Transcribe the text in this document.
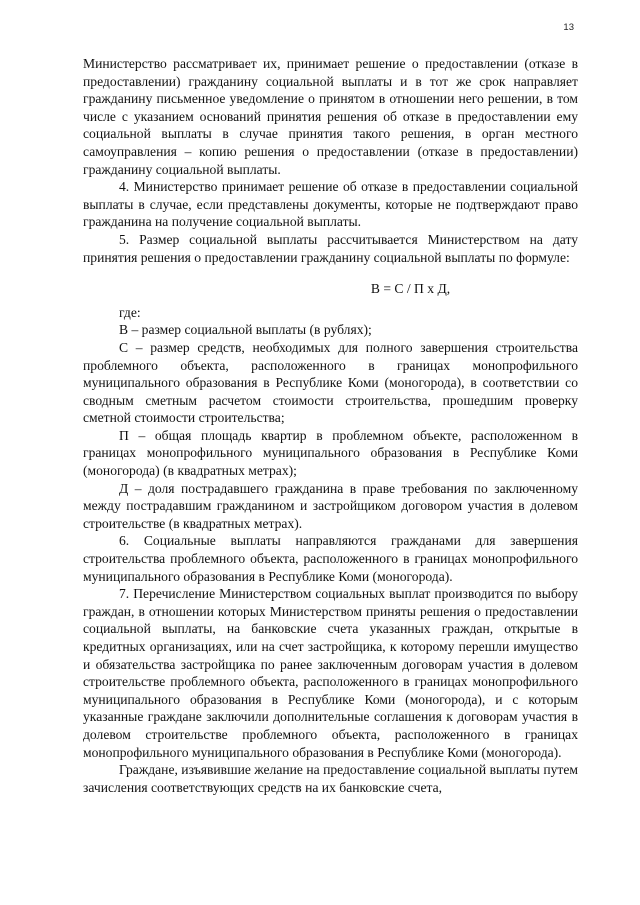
13

Министерство рассматривает их, принимает решение о предоставлении (отказе в предоставлении) гражданину социальной выплаты и в тот же срок направляет гражданину письменное уведомление о принятом в отношении него решении, в том числе с указанием оснований принятия решения об отказе в предоставлении ему социальной выплаты в случае принятия такого решения, в орган местного самоуправления – копию решения о предоставлении (отказе в предоставлении) гражданину социальной выплаты.

4. Министерство принимает решение об отказе в предоставлении социальной выплаты в случае, если представлены документы, которые не подтверждают право гражданина на получение социальной выплаты.

5. Размер социальной выплаты рассчитывается Министерством на дату принятия решения о предоставлении гражданину социальной выплаты по формуле:

В = С / П х Д,

где:

В – размер социальной выплаты (в рублях);

С – размер средств, необходимых для полного завершения строительства проблемного объекта, расположенного в границах монопрофильного муниципального образования в Республике Коми (моногорода), в соответствии со сводным сметным расчетом стоимости строительства, прошедшим проверку сметной стоимости строительства;

П – общая площадь квартир в проблемном объекте, расположенном в границах монопрофильного муниципального образования в Республике Коми (моногорода) (в квадратных метрах);

Д – доля пострадавшего гражданина в праве требования по заключенному между пострадавшим гражданином и застройщиком договором участия в долевом строительстве (в квадратных метрах).

6. Социальные выплаты направляются гражданами для завершения строительства проблемного объекта, расположенного в границах монопрофильного муниципального образования в Республике Коми (моногорода).

7. Перечисление Министерством социальных выплат производится по выбору граждан, в отношении которых Министерством приняты решения о предоставлении социальной выплаты, на банковские счета указанных граждан, открытые в кредитных организациях, или на счет застройщика, к которому перешли имущество и обязательства застройщика по ранее заключенным договорам участия в долевом строительстве проблемного объекта, расположенного в границах монопрофильного муниципального образования в Республике Коми (моногорода), и с которым указанные граждане заключили дополнительные соглашения к договорам участия в долевом строительстве проблемного объекта, расположенного в границах монопрофильного муниципального образования в Республике Коми (моногорода).

Граждане, изъявившие желание на предоставление социальной выплаты путем зачисления соответствующих средств на их банковские счета,
